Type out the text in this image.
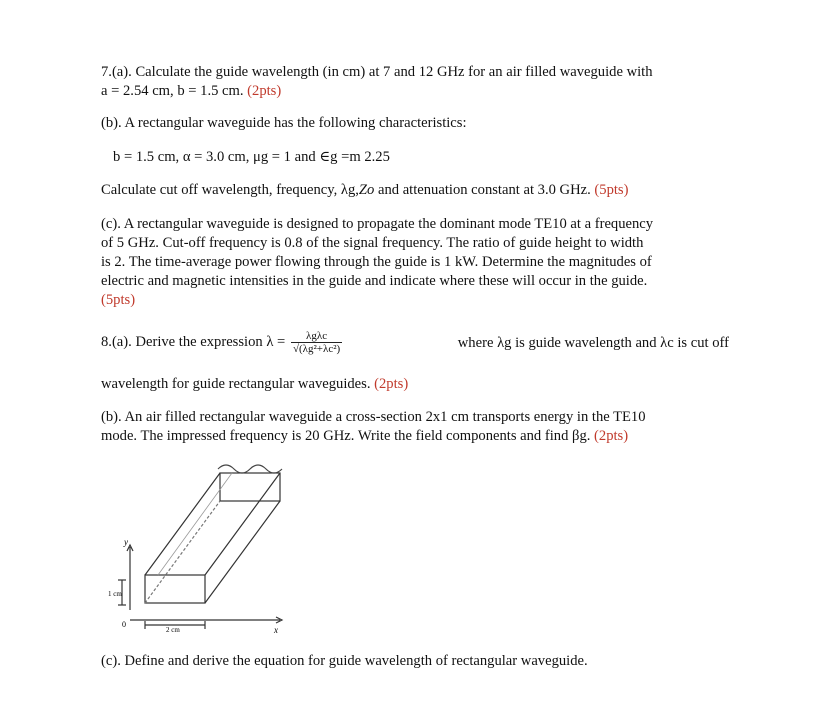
7.(a). Calculate the guide wavelength (in cm) at 7 and 12 GHz for an air filled waveguide with
a = 2.54 cm, b = 1.5 cm. (2pts)
(b). A rectangular waveguide has the following characteristics:
b = 1.5 cm, α = 3.0 cm, μg = 1 and ∈g =m 2.25
Calculate cut off wavelength, frequency, λg,Zo and attenuation constant at 3.0 GHz. (5pts)
(c). A rectangular waveguide is designed to propagate the dominant mode TE10 at a frequency
of 5 GHz. Cut-off frequency is 0.8 of the signal frequency. The ratio of guide height to width
is 2. The time-average power flowing through the guide is 1 kW. Determine the magnitudes of
electric and magnetic intensities in the guide and indicate where these will occur in the guide.
(5pts)
8.(a). Derive the expression $\lambda = \frac{\text{λgλc}}{\text{√(λg²+λc²)}}$	where λg is guide wavelength and λc is cut off
wavelength for guide rectangular waveguides. (2pts)
(b). An air filled rectangular waveguide a cross-section 2x1 cm transports energy in the TE10
mode. The impressed frequency is 20 GHz. Write the field components and find βg. (2pts)
y
x
0
1 cm
2 cm
(c). Define and derive the equation for guide wavelength of rectangular waveguide.
